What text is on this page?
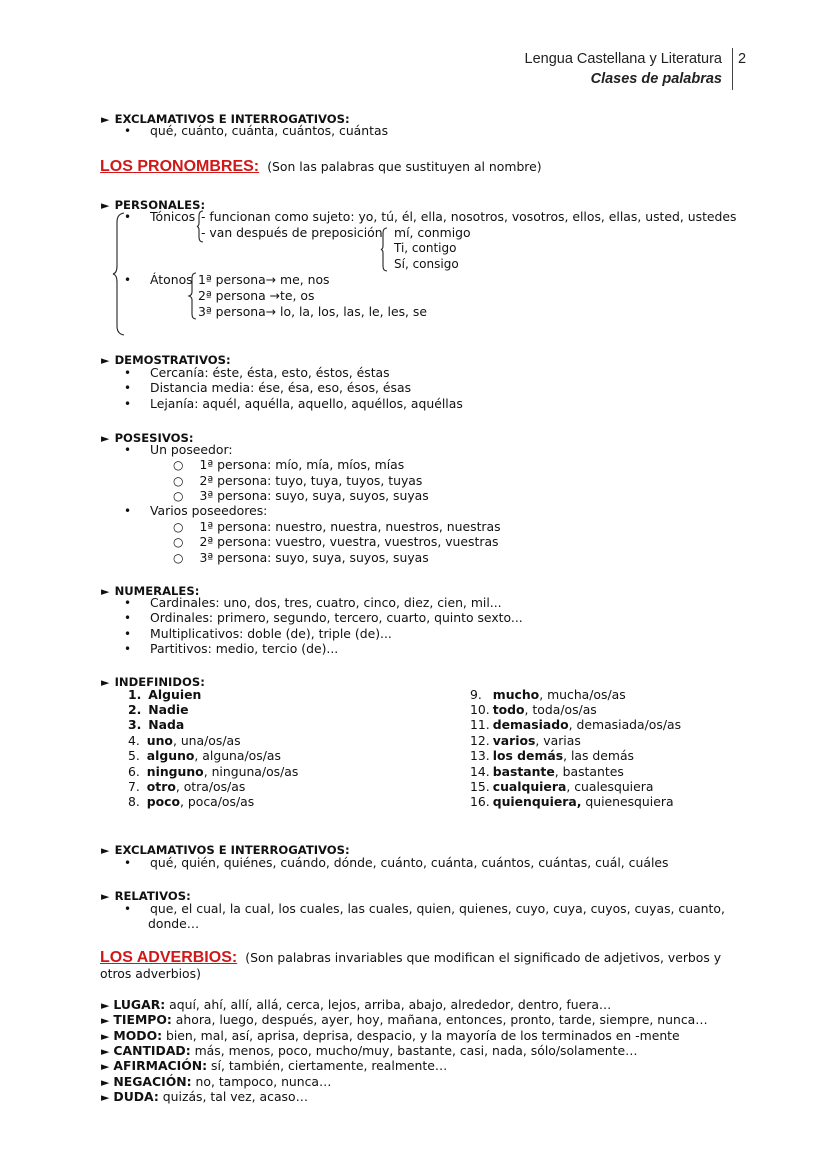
Lengua Castellana y Literatura
Clases de palabras
2
► EXCLAMATIVOS E INTERROGATIVOS:
• qué, cuánto, cuánta, cuántos, cuántas
LOS PRONOMBRES: (Son las palabras que sustituyen al nombre)
► PERSONALES:
• Tónicos - funcionan como sujeto: yo, tú, él, ella, nosotros, vosotros, ellos, ellas, usted, ustedes
- van después de preposición mí, conmigo
Ti, contigo
Sí, consigo
• Átonos 1ª persona→ me, nos
2ª persona →te, os
3ª persona→ lo, la, los, las, le, les, se
► DEMOSTRATIVOS:
• Cercanía: éste, ésta, esto, éstos, éstas
• Distancia media: ése, ésa, eso, ésos, ésas
• Lejanía: aquél, aquélla, aquello, aquéllos, aquéllas
► POSESIVOS:
• Un poseedor:
○ 1ª persona: mío, mía, míos, mías
○ 2ª persona: tuyo, tuya, tuyos, tuyas
○ 3ª persona: suyo, suya, suyos, suyas
• Varios poseedores:
○ 1ª persona: nuestro, nuestra, nuestros, nuestras
○ 2ª persona: vuestro, vuestra, vuestros, vuestras
○ 3ª persona: suyo, suya, suyos, suyas
► NUMERALES:
• Cardinales: uno, dos, tres, cuatro, cinco, diez, cien, mil...
• Ordinales: primero, segundo, tercero, cuarto, quinto sexto...
• Multiplicativos: doble (de), triple (de)...
• Partitivos: medio, tercio (de)...
► INDEFINIDOS:
1. Alguien
2. Nadie
3. Nada
4. uno, una/os/as
5. alguno, alguna/os/as
6. ninguno, ninguna/os/as
7. otro, otra/os/as
8. poco, poca/os/as
9. mucho, mucha/os/as
10. todo, toda/os/as
11. demasiado, demasiada/os/as
12. varios, varias
13. los demás, las demás
14. bastante, bastantes
15. cualquiera, cualesquiera
16. quienquiera, quienesquiera
► EXCLAMATIVOS E INTERROGATIVOS:
• qué, quién, quiénes, cuándo, dónde, cuánto, cuánta, cuántos, cuántas, cuál, cuáles
► RELATIVOS:
• que, el cual, la cual, los cuales, las cuales, quien, quienes, cuyo, cuya, cuyos, cuyas, cuanto,
donde…
LOS ADVERBIOS: (Son palabras invariables que modifican el significado de adjetivos, verbos y
otros adverbios)
► LUGAR: aquí, ahí, allí, allá, cerca, lejos, arriba, abajo, alrededor, dentro, fuera…
► TIEMPO: ahora, luego, después, ayer, hoy, mañana, entonces, pronto, tarde, siempre, nunca…
► MODO: bien, mal, así, aprisa, deprisa, despacio, y la mayoría de los terminados en -mente
► CANTIDAD: más, menos, poco, mucho/muy, bastante, casi, nada, sólo/solamente…
► AFIRMACIÓN: sí, también, ciertamente, realmente…
► NEGACIÓN: no, tampoco, nunca…
► DUDA: quizás, tal vez, acaso…
